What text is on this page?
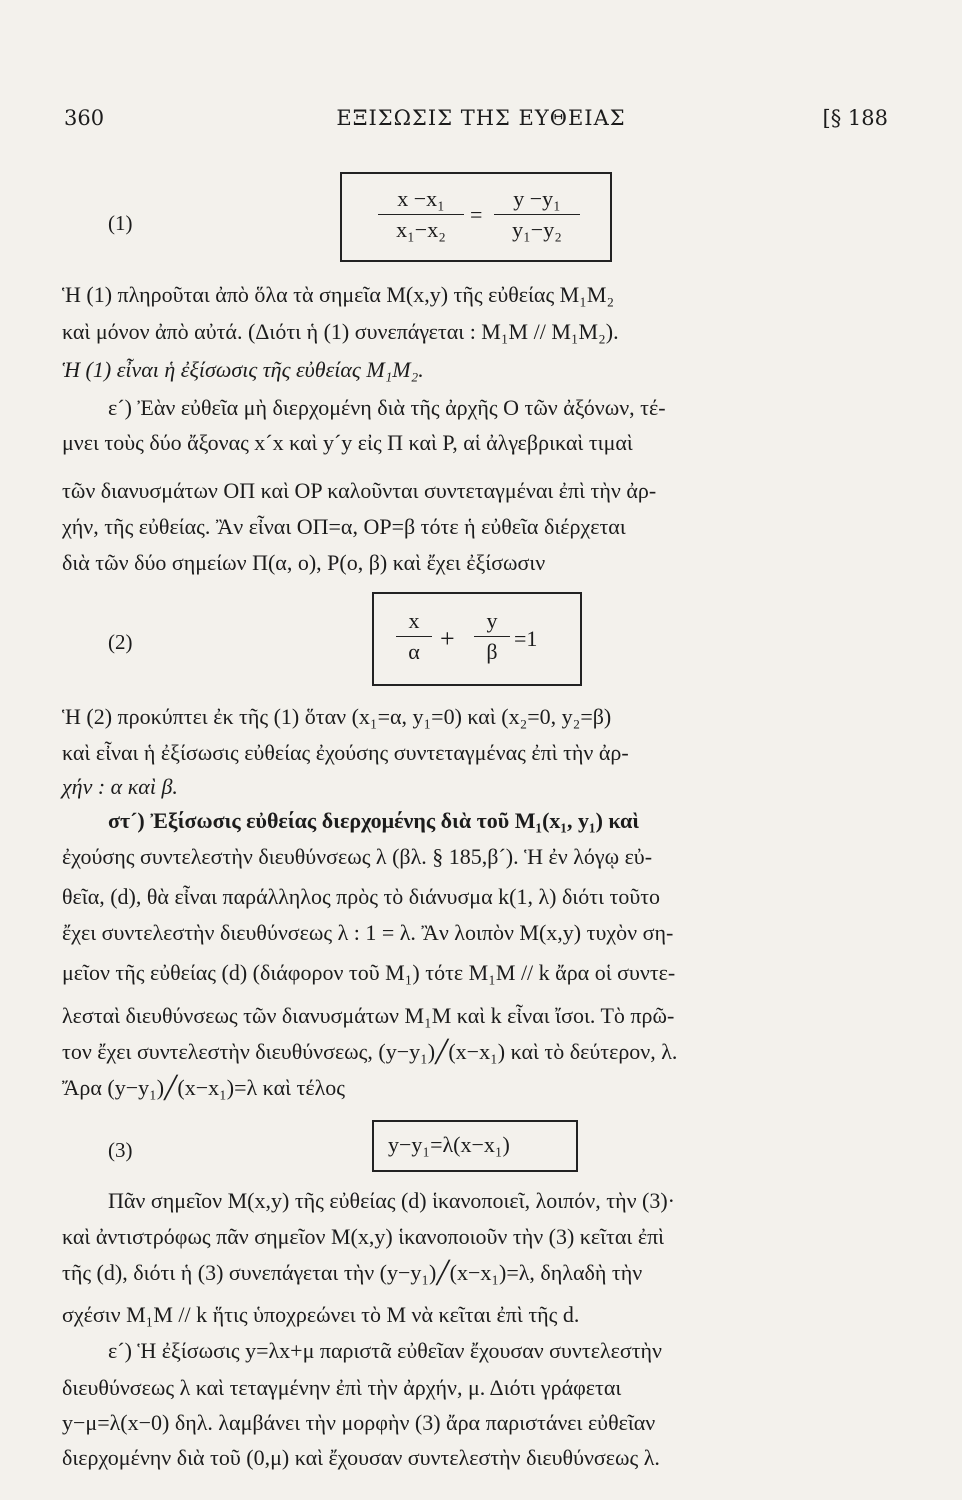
360	ΕΞΙΣΩΣΙΣ ΤΗΣ ΕΥΘΕΙΑΣ	[§ 188
(1)
x −x₁
x₁−x₂
=
y −y₁
y₁−y₂
Ἡ (1) πληροῦται ἀπὸ ὅλα τὰ σημεῖα M(x,y) τῆς εὐθείας M₁M₂
καὶ μόνον ἀπὸ αὐτά. (Διότι ἡ (1) συνεπάγεται : M₁M // M₁M₂).
Ἡ (1) εἶναι ἡ ἐξίσωσις τῆς εὐθείας M₁M₂.
ε´) Ἐὰν εὐθεῖα μὴ διερχομένη διὰ τῆς ἀρχῆς O τῶν ἀξόνων, τέ-
μνει τοὺς δύο ἄξονας x´x καὶ y´y εἰς Π καὶ P, αἱ ἀλγεβρικαὶ τιμαὶ
τῶν διανυσμάτων OΠ καὶ OP καλοῦνται συντεταγμέναι ἐπὶ τὴν ἀρ-
χήν, τῆς εὐθείας. Ἂν εἶναι OΠ=α, OP=β τότε ἡ εὐθεῖα διέρχεται
διὰ τῶν δύο σημείων Π(α, o), P(o, β) καὶ ἔχει ἐξίσωσιν
(2)
x
α +
y
β
=1
Ἡ (2) προκύπτει ἐκ τῆς (1) ὅταν (x₁=α, y₁=0) καὶ (x₂=0, y₂=β)
καὶ εἶναι ἡ ἐξίσωσις εὐθείας ἐχούσης συντεταγμένας ἐπὶ τὴν ἀρ-
χήν : α καὶ β.
στ´) Ἐξίσωσις εὐθείας διερχομένης διὰ τοῦ M₁(x₁, y₁) καὶ
ἐχούσης συντελεστὴν διευθύνσεως λ (βλ. § 185,β´). Ἡ ἐν λόγῳ εὐ-
θεῖα, (d), θὰ εἶναι παράλληλος πρὸς τὸ διάνυσμα k(1, λ) διότι τοῦτο
ἔχει συντελεστὴν διευθύνσεως λ : 1 = λ. Ἂν λοιπὸν M(x,y) τυχὸν ση-
μεῖον τῆς εὐθείας (d) (διάφορον τοῦ M₁) τότε M₁M // k ἄρα οἱ συντε-
λεσταὶ διευθύνσεως τῶν διανυσμάτων M₁M καὶ k εἶναι ἴσοι. Τὸ πρῶ-
τον ἔχει συντελεστὴν διευθύνσεως, (y−y₁)╱(x−x₁) καὶ τὸ δεύτερον, λ.
Ἄρα (y−y₁)╱(x−x₁)=λ καὶ τέλος
(3)	y−y₁=λ(x−x₁)
Πᾶν σημεῖον M(x,y) τῆς εὐθείας (d) ἱκανοποιεῖ, λοιπόν, τὴν (3)·
καὶ ἀντιστρόφως πᾶν σημεῖον M(x,y) ἱκανοποιοῦν τὴν (3) κεῖται ἐπὶ
τῆς (d), διότι ἡ (3) συνεπάγεται τὴν (y−y₁)╱(x−x₁)=λ, δηλαδὴ τὴν
σχέσιν M₁M // k ἥτις ὑποχρεώνει τὸ M νὰ κεῖται ἐπὶ τῆς d.
ε´) Ἡ ἐξίσωσις y=λx+μ παριστᾶ εὐθεῖαν ἔχουσαν συντελεστὴν
διευθύνσεως λ καὶ τεταγμένην ἐπὶ τὴν ἀρχήν, μ. Διότι γράφεται
y−μ=λ(x−0) δηλ. λαμβάνει τὴν μορφὴν (3) ἄρα παριστάνει εὐθεῖαν
διερχομένην διὰ τοῦ (0,μ) καὶ ἔχουσαν συντελεστὴν διευθύνσεως λ.
